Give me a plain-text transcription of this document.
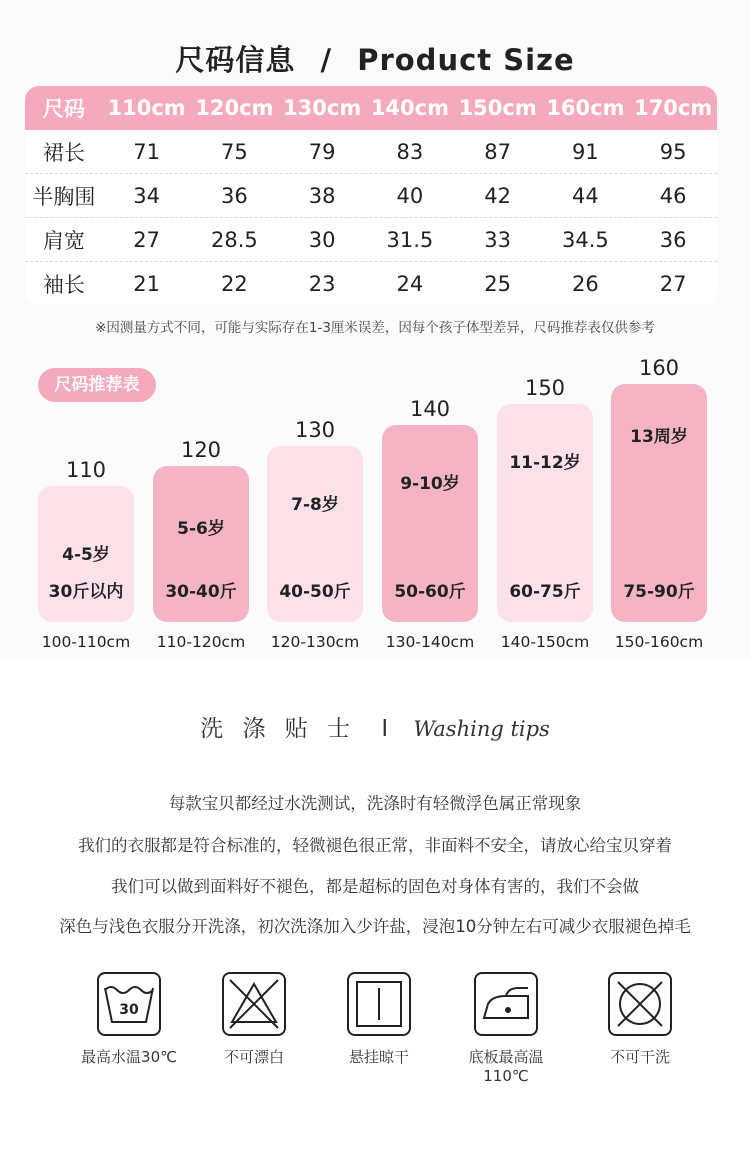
尺码信息 / Product Size
尺码	110cm 120cm 130cm 140cm 150cm 160cm 170cm
裙长	71	75	79	83	87	91	95
半胸围	34	36	38	40	42	44	46
肩宽	27	28.5	30	31.5	33	34.5	36
袖长	21	22	23	24	25	26	27
※因测量方式不同，可能与实际存在1-3厘米误差，因每个孩子体型差异，尺码推荐表仅供参考
尺码推荐表
110
4-5岁
30斤以内
100-110cm
120
5-6岁
30-40斤
110-120cm
130
7-8岁
40-50斤
120-130cm
140
9-10岁
50-60斤
130-140cm
150
11-12岁
60-75斤
140-150cm
160
13周岁
75-90斤
150-160cm
洗 涤 贴 士 I Washing tips
每款宝贝都经过水洗测试，洗涤时有轻微浮色属正常现象
我们的衣服都是符合标准的，轻微褪色很正常，非面料不安全，请放心给宝贝穿着
我们可以做到面料好不褪色，都是超标的固色对身体有害的，我们不会做
深色与浅色衣服分开洗涤，初次洗涤加入少许盐，浸泡10分钟左右可减少衣服褪色掉毛
30
最高水温30℃	不可漂白	悬挂晾干	底板最高温110℃
不可干洗
